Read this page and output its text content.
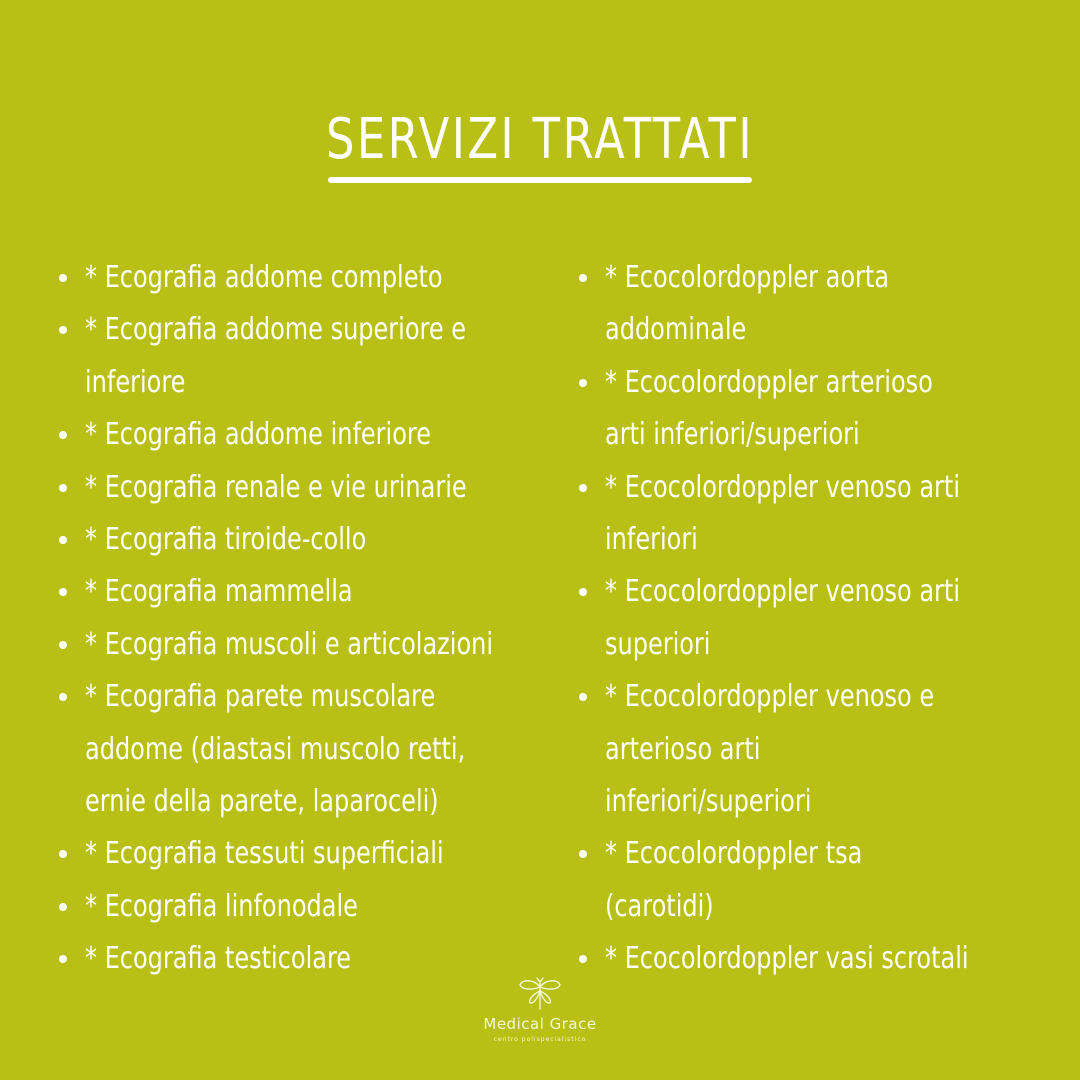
SERVIZI TRATTATI
* Ecografia addome completo
* Ecografia addome superiore e
inferiore
* Ecografia addome inferiore
* Ecografia renale e vie urinarie
* Ecografia tiroide-collo
* Ecografia mammella
* Ecografia muscoli e articolazioni
* Ecografia parete muscolare
addome (diastasi muscolo retti,
ernie della parete, laparoceli)
* Ecografia tessuti superficiali
* Ecografia linfonodale
* Ecografia testicolare
* Ecocolordoppler aorta
addominale
* Ecocolordoppler arterioso
arti inferiori/superiori
* Ecocolordoppler venoso arti
inferiori
* Ecocolordoppler venoso arti
superiori
* Ecocolordoppler venoso e
arterioso arti
inferiori/superiori
* Ecocolordoppler tsa
(carotidi)
* Ecocolordoppler vasi scrotali
Medical Grace
centro polispecialistico
